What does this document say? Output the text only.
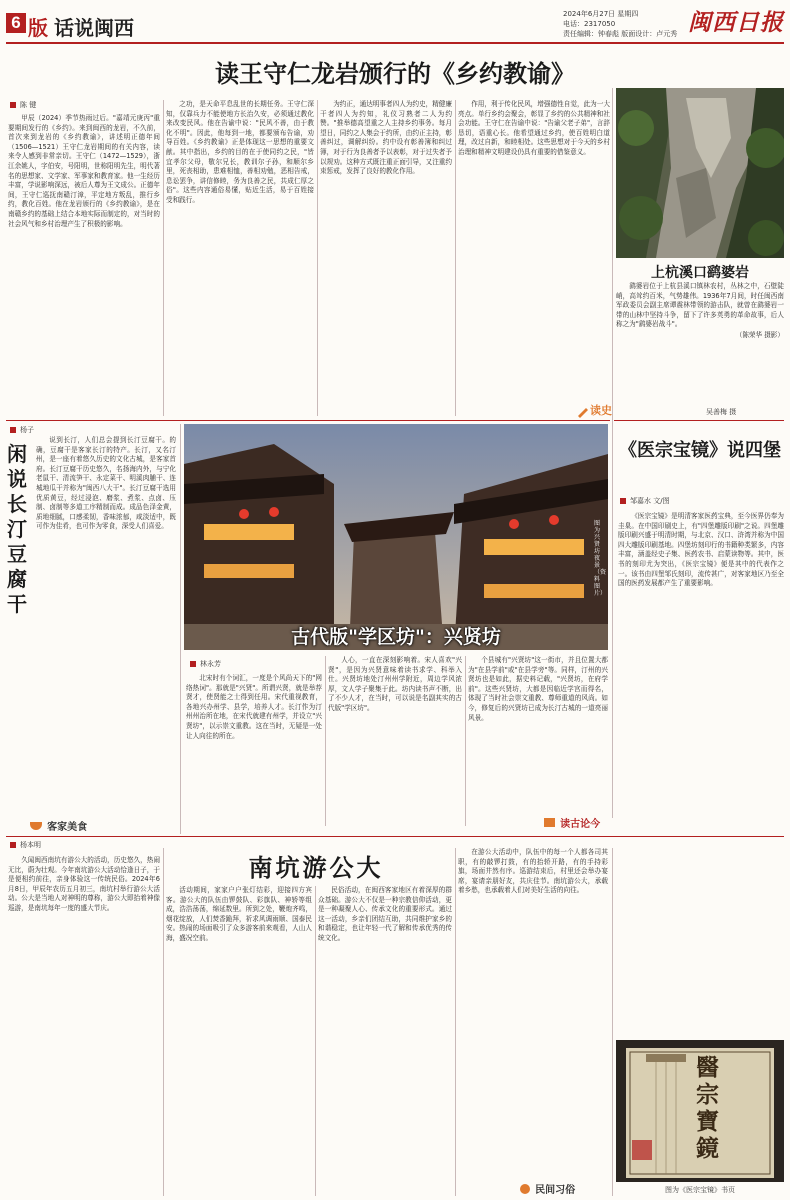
6 版 话说闽西
2024年6月27日 星期四
电话：2317050
责任编辑：钟春彪 版面设计：卢元秀 闽西日报
读王守仁龙岩颁行的《乡约教谕》
陈 键

甲辰（2024）季节热雨过后。"嘉靖元庚丙"重要期间发行的《乡约》。来到闽西的龙岩，不久前，首次来到龙岩的《乡约教谕》，讲述明正德年间（1506—1521）王守仁龙岩期间的有关内容，读来令人感到非常亲切。王守仁（1472—1529），浙江余姚人，字伯安，号阳明，世称阳明先生，明代著名的思想家、文学家、军事家和教育家。他一生经历丰富，学说影响深远，被后人尊为王文成公。正德年间，王守仁巡抚南赣汀漳，平定地方叛乱，推行乡约，教化百姓。他在龙岩颁行的《乡约教谕》，是在南赣乡约的基础上结合本地实际而制定的，对当时的社会风气和乡村治理产生了积极的影响。

之功，是天命平息乱世的长期任务。王守仁深知，仅靠兵力不能使地方长治久安，必须通过教化来改变民风。他在告谕中说："民风不善，由于教化不明"。因此，他每到一地，都要颁布告谕，劝导百姓。《乡约教谕》正是体现这一思想的重要文献。其中指出，乡约的目的在于使同约之民，"皆宜孝尔父母，敬尔兄长，教训尔子孙，和顺尔乡里，死丧相助，患难相恤，善相劝勉，恶相告戒，息讼罢争，讲信修睦，务为良善之民，共成仁厚之俗"。这些内容通俗易懂，贴近生活，易于百姓接受和践行。

为约正，通达明事者四人为约史，精健廉干者四人为约知，礼仪习熟者二人为约赞。"推举德高望重之人主持乡约事务。每月望日，同约之人集会于约所，由约正主持，彰善纠过，调解纠纷。约中设有彰善簿和纠过簿，对于行为良善者予以表彰，对于过失者予以规劝。这种方式既注重正面引导，又注重约束惩戒，发挥了良好的教化作用。

作用，利于传化民风，增强德性自觉，此为一大亮点。单行乡约会聚会，彰显了乡约的公共精神和社会功能。王守仁在告谕中说："告谕父老子弟"，言辞恳切，语重心长。他希望通过乡约，使百姓明白道理，改过自新，和睦相处。这些思想对于今天的乡村治理和精神文明建设仍具有重要的借鉴意义。

读史
上杭溪口鹞婆岩

鹞婆岩位于上杭县溪口镇林农村，丛林之中，石壁陡峭，高耸约百米，气势雄伟。1936年7月间，时任闽西南军政委员会副主席谭震林带领的游击队，就曾在鹞婆岩一带的山林中坚持斗争，留下了许多英勇的革命故事，后人称之为"鹞婆岩战斗"。

（陈荣华 摄影）

吴善梅 摄
杨子
闲说长汀豆腐干

说到长汀，人们总会提到长汀豆腐干。的确，豆腐干是客家长汀的特产。长汀，又名汀州，是一座有着悠久历史的文化古城，是客家首府。长汀豆腐干历史悠久，名扬海内外，与宁化老鼠干、清流笋干、永定菜干、明溪肉脯干、连城地瓜干并称为"闽西八大干"。长汀豆腐干选用优质黄豆，经过浸泡、磨浆、煮浆、点卤、压制、卤制等多道工序精制而成。成品色泽金黄，质地细腻，口感柔韧，香味浓郁，咸淡适中，既可作为佳肴，也可作为零食，深受人们喜爱。

客家美食
古代版"学区坊"：兴贤坊
图为兴贤坊夜景（资料图片）
林永芳

北宋时有个词汇，一度是个风尚天下的"网络热词"。那就是"兴贤"。所谓兴贤，就是举荐贤才，使贤能之士得到任用。宋代重视教育，各地兴办州学、县学，培养人才。长汀作为汀州州治所在地，在宋代就建有州学，并设立"兴贤坊"，以示崇文重教。这在当时，无疑是一处让人向往的所在。

人心，一直在深刻影响着。宋人喜欢"兴贤"，是因为兴贤意味着读书求学、科举入仕。兴贤坊地处汀州州学附近，周边学风浓厚，文人学子聚集于此。坊内读书声不断，出了不少人才，在当时，可以说是名副其实的古代版"学区坊"。

个县城有"兴贤坊"这一街市，并且位置大都为"在县学前"或"在县学旁"等。同样，汀州的兴贤坊也是如此，据史料记载，"兴贤坊，在府学前"。这些兴贤坊，大都是因临近学宫而得名，体现了当时社会崇文重教、尊师重道的风尚。如今，修复后的兴贤坊已成为长汀古城的一道亮丽风景。

读古论今
《医宗宝镜》说四堡
邹嘉水 文/图

《医宗宝镜》是明清客家医药宝典，至今医界仍奉为圭臬。在中国印刷史上，有"四堡雕版印刷"之说。四堡雕版印刷兴盛于明清时期，与北京、汉口、浒湾并称为中国四大雕版印刷基地。四堡坊刻印行的书籍种类繁多，内容丰富，涵盖经史子集、医药农书、启蒙读物等。其中，医书的刻印尤为突出，《医宗宝镜》便是其中的代表作之一。该书由四堡邹氏刻印，流传甚广，对客家地区乃至全国的医药发展都产生了重要影响。

杨本明
南坑游公大

久闻闽西南坑有游公大的活动，历史悠久，热闹无比，蔚为壮观。今年南坑游公大活动恰逢日子，于是便相约前往，亲身体验这一传统民俗。2024年6月8日，甲辰年农历五月初三，南坑村举行游公大活动。公大是当地人对神明的尊称，游公大即抬着神像巡游，是南坑每年一度的盛大节庆。

活动期间，家家户户张灯结彩，迎接四方宾客。游公大的队伍由锣鼓队、彩旗队、神轿等组成，浩浩荡荡，绵延数里。所到之处，鞭炮齐鸣，烟花绽放，人们焚香跪拜，祈求风调雨顺、国泰民安。热闹的场面吸引了众多游客前来观看，人山人海，盛况空前。

民俗活动，在闽西客家地区有着深厚的群众基础。游公大不仅是一种宗教信仰活动，更是一种凝聚人心、传承文化的重要形式。通过这一活动，乡亲们团结互助，共同维护家乡的和谐稳定，也让年轻一代了解和传承优秀的传统文化。

在游公大活动中，队伍中的每一个人都各司其职，有的敲锣打鼓，有的抬轿开路，有的手持彩旗，场面井然有序。巡游结束后，村里还会举办宴席，宴请亲朋好友，共庆佳节。南坑游公大，承载着乡愁，也承载着人们对美好生活的向往。

民间习俗
醫宗寶鏡
图为《医宗宝镜》书页
